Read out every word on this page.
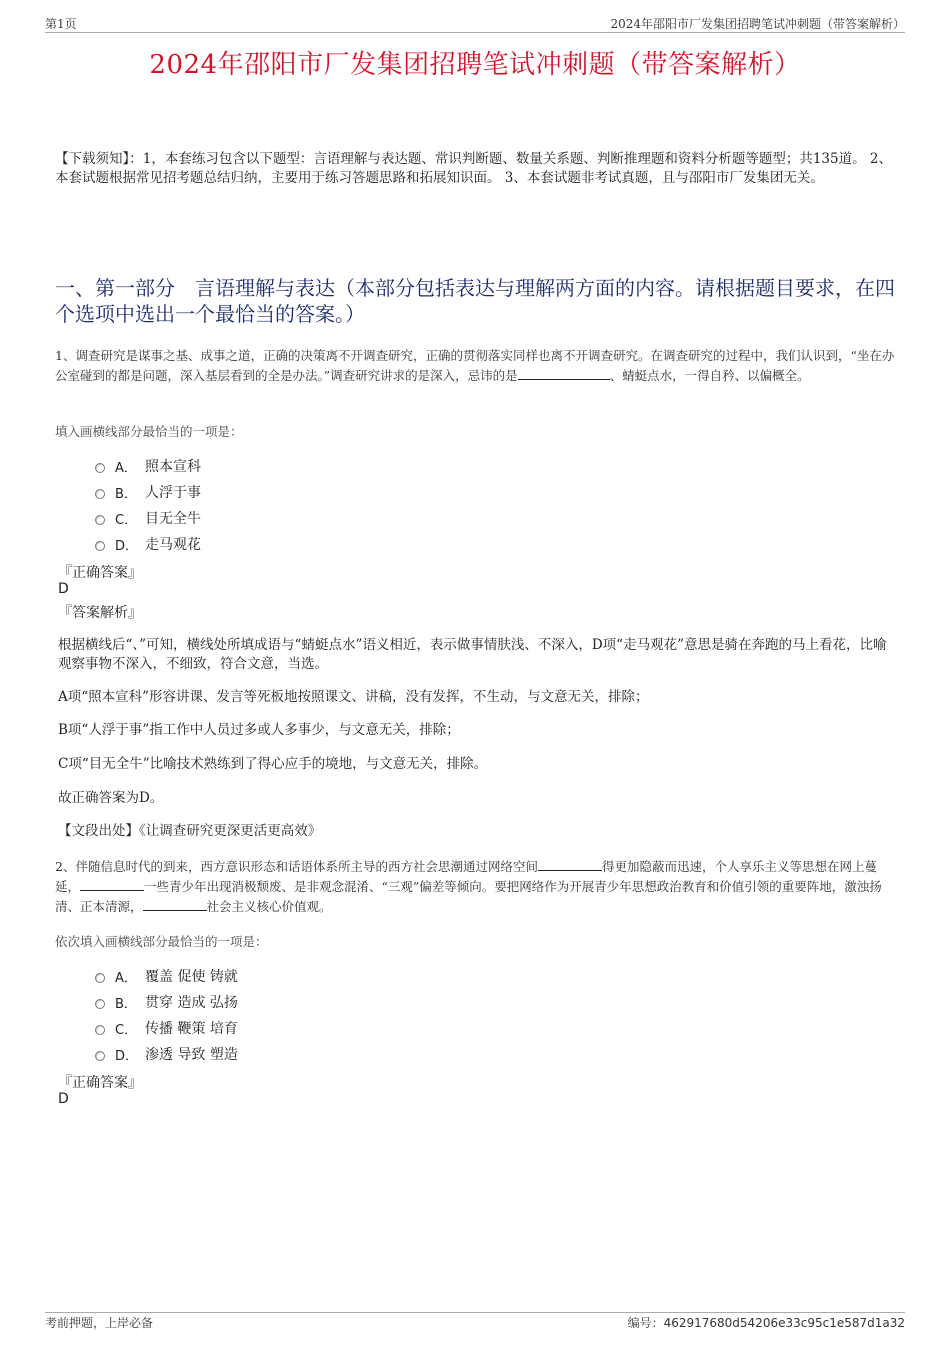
第1页	2024年邵阳市厂发集团招聘笔试冲刺题（带答案解析）
2024年邵阳市厂发集团招聘笔试冲刺题（带答案解析）
【下载须知】：1，本套练习包含以下题型：言语理解与表达题、常识判断题、数量关系题、判断推理题和资料分析题等题型；共135道。 2、本套试题根据常见招考题总结归纳，主要用于练习答题思路和拓展知识面。 3、本套试题非考试真题，且与邵阳市厂发集团无关。
一、第一部分　言语理解与表达（本部分包括表达与理解两方面的内容。请根据题目要求，在四个选项中选出一个最恰当的答案。）
1、调查研究是谋事之基、成事之道，正确的决策离不开调查研究，正确的贯彻落实同样也离不开调查研究。在调查研究的过程中，我们认识到，“坐在办公室碰到的都是问题，深入基层看到的全是办法。”调查研究讲求的是深入，忌讳的是	、蜻蜓点水，一得自矜、以偏概全。
填入画横线部分最恰当的一项是：
A． 照本宣科
B． 人浮于事
C． 目无全牛
D． 走马观花
『正确答案』
D
『答案解析』
根据横线后“、”可知，横线处所填成语与“蜻蜓点水”语义相近，表示做事情肤浅、不深入，D项“走马观花”意思是骑在奔跑的马上看花，比喻观察事物不深入，不细致，符合文意，当选。
A项“照本宣科”形容讲课、发言等死板地按照课文、讲稿，没有发挥，不生动，与文意无关，排除；
B项“人浮于事”指工作中人员过多或人多事少，与文意无关，排除；
C项“目无全牛”比喻技术熟练到了得心应手的境地，与文意无关，排除。
故正确答案为D。
【文段出处】《让调查研究更深更活更高效》
2、伴随信息时代的到来，西方意识形态和话语体系所主导的西方社会思潮通过网络空间	得更加隐蔽而迅速，个人享乐主义等思想在网上蔓延，	一些青少年出现消极颓废、是非观念混淆、“三观”偏差等倾向。要把网络作为开展青少年思想政治教育和价值引领的重要阵地，激浊扬清、正本清源，	社会主义核心价值观。
依次填入画横线部分最恰当的一项是：
A． 覆盖 促使 铸就
B． 贯穿 造成 弘扬
C． 传播 鞭策 培育
D． 渗透 导致 塑造
『正确答案』
D
考前押题，上岸必备	编号：462917680d54206e33c95c1e587d1a32
